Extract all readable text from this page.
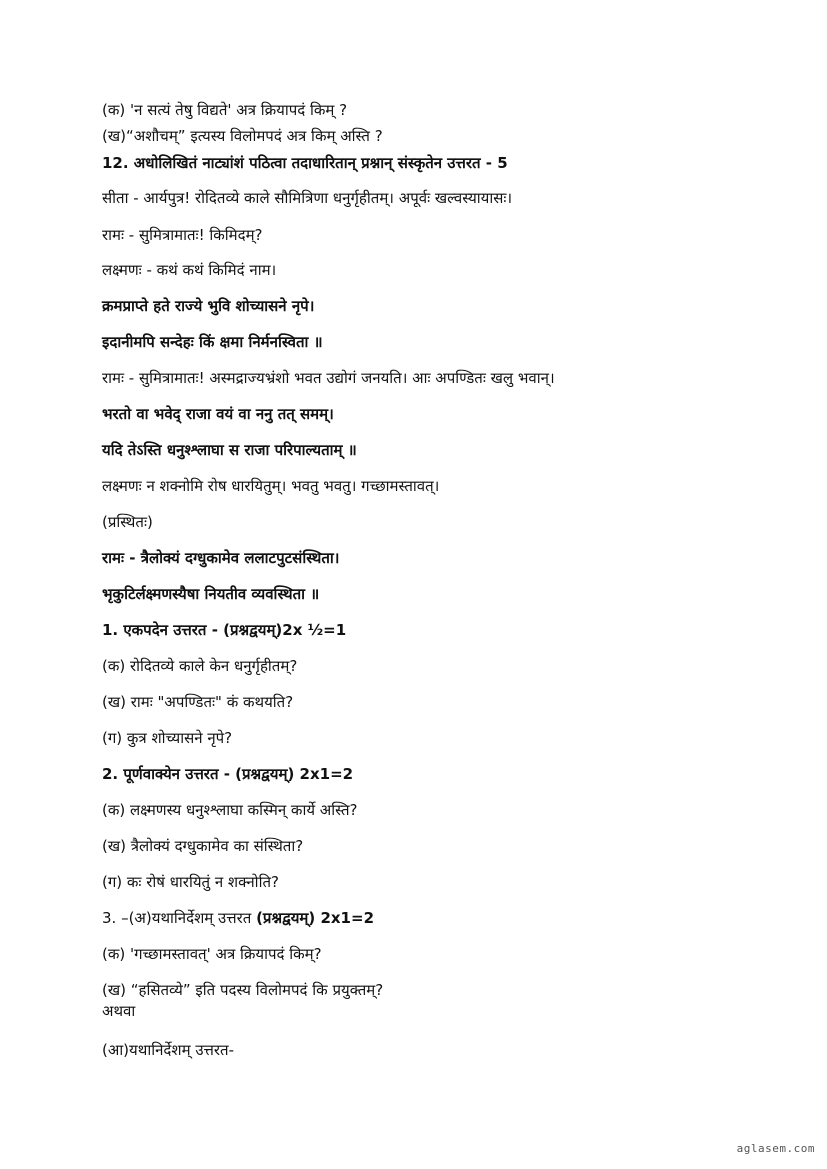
(क) 'न सत्यं तेषु विद्यते' अत्र क्रियापदं किम् ?
(ख)“अशौचम्” इत्यस्य विलोमपदं अत्र किम् अस्ति ?
12. अधोलिखितं नाट्यांशं पठित्वा तदाधारितान् प्रश्नान् संस्कृतेन उत्तरत - 5
सीता - आर्यपुत्र! रोदितव्ये काले सौमित्रिणा धनुर्गृहीतम्। अपूर्वः खल्वस्यायासः।
रामः - सुमित्रामातः! किमिदम्?
लक्ष्मणः - कथं कथं किमिदं नाम।
क्रमप्राप्ते हते राज्ये भुवि शोच्यासने नृपे।
इदानीमपि सन्देहः किं क्षमा निर्मनस्विता ॥
रामः - सुमित्रामातः! अस्मद्राज्यभ्रंशो भवत उद्योगं जनयति। आः अपण्डितः खलु भवान्।
भरतो वा भवेद् राजा वयं वा ननु तत् समम्।
यदि तेऽस्ति धनुश्श्लाघा स राजा परिपाल्यताम् ॥
लक्ष्मणः न शक्नोमि रोष धारयितुम्। भवतु भवतु। गच्छामस्तावत्।
(प्रस्थितः)
रामः - त्रैलोक्यं दग्धुकामेव ललाटपुटसंस्थिता।
भृकुटिर्लक्ष्मणस्यैषा नियतीव व्यवस्थिता ॥
1. एकपदेन उत्तरत - (प्रश्नद्वयम्)2x ½=1
(क) रोदितव्ये काले केन धनुर्गृहीतम्?
(ख) रामः "अपण्डितः" कं कथयति?
(ग) कुत्र शोच्यासने नृपे?
2. पूर्णवाक्येन उत्तरत - (प्रश्नद्वयम्) 2x1=2
(क) लक्ष्मणस्य धनुश्श्लाघा कस्मिन् कार्ये अस्ति?
(ख) त्रैलोक्यं दग्धुकामेव का संस्थिता?
(ग) कः रोषं धारयितुं न शक्नोति?
3. –(अ)यथानिर्देशम् उत्तरत (प्रश्नद्वयम्) 2x1=2
(क) 'गच्छामस्तावत्' अत्र क्रियापदं किम्?
(ख) “हसितव्ये” इति पदस्य विलोमपदं कि प्रयुक्तम्?
अथवा
(आ)यथानिर्देशम् उत्तरत-
aglasem.com
